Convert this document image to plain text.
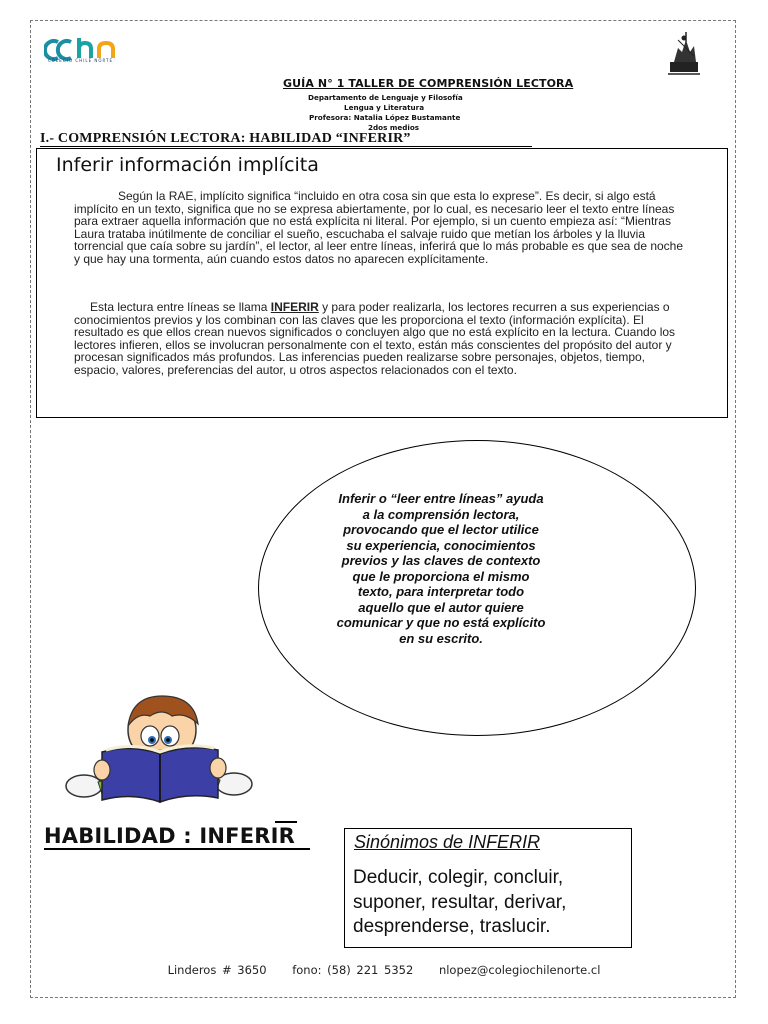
COLEGIO CHILE NORTE
GUÍA N° 1 TALLER DE COMPRENSIÓN LECTORA
Departamento de Lenguaje y Filosofía
Lengua y Literatura
Profesora: Natalia López Bustamante
2dos medios
I.- COMPRENSIÓN LECTORA: HABILIDAD “INFERIR”
Inferir información implícita
Según la RAE, implícito significa “incluido en otra cosa sin que esta lo exprese”. Es decir, si algo está implícito en un texto, significa que no se expresa abiertamente, por lo cual, es necesario leer el texto entre líneas para extraer aquella información que no está explícita ni literal. Por ejemplo, si un cuento empieza así: “Mientras Laura trataba inútilmente de conciliar el sueño, escuchaba el salvaje ruido que metían los árboles y la lluvia torrencial que caía sobre su jardín”, el lector, al leer entre líneas, inferirá que lo más probable es que sea de noche y que hay una tormenta, aún cuando estos datos no aparecen explícitamente.
Esta lectura entre líneas se llama INFERIR y para poder realizarla, los lectores recurren a sus experiencias o conocimientos previos y los combinan con las claves que les proporciona el texto (información explícita). El resultado es que ellos crean nuevos significados o concluyen algo que no está explícito en la lectura. Cuando los lectores infieren, ellos se involucran personalmente con el texto, están más conscientes del propósito del autor y procesan significados más profundos. Las inferencias pueden realizarse sobre personajes, objetos, tiempo, espacio, valores, preferencias del autor, u otros aspectos relacionados con el texto.
Inferir o “leer entre líneas” ayuda a la comprensión lectora, provocando que el lector utilice su experiencia, conocimientos previos y las claves de contexto que le proporciona el mismo texto, para interpretar todo aquello que el autor quiere comunicar y que no está explícito en su escrito.
HABILIDAD : INFERIR	Sinónimos de INFERIR
Deducir, colegir, concluir, suponer, resultar, derivar, desprenderse, traslucir.
Linderos # 3650 fono: (58) 221 5352 nlopez@colegiochilenorte.cl
